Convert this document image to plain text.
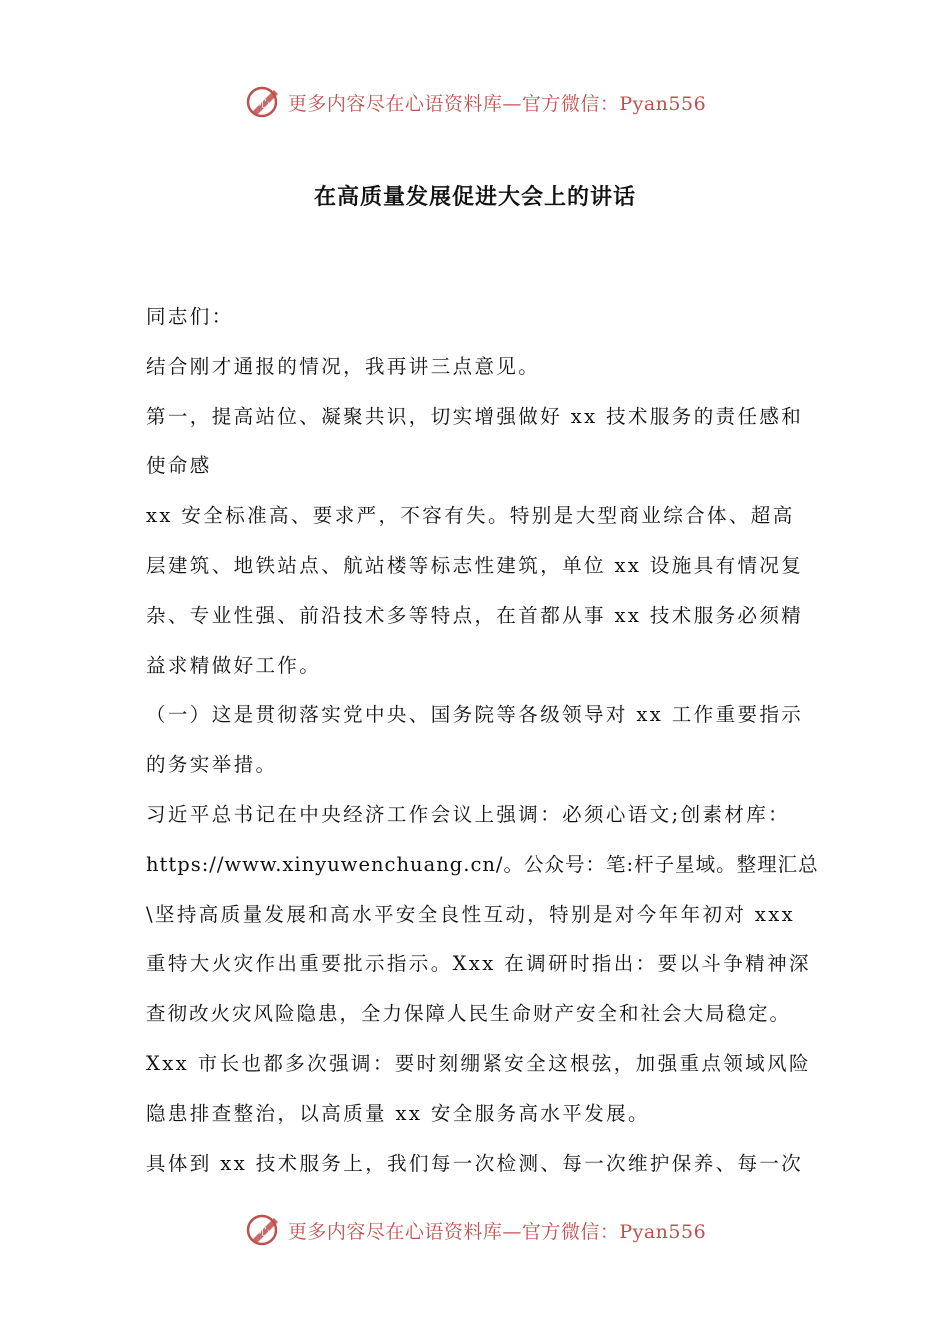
心 更多内容尽在心语资料库—官方微信：Pyan556
在高质量发展促进大会上的讲话
同志们：
结合刚才通报的情况，我再讲三点意见。
第一，提高站位、凝聚共识，切实增强做好 xx 技术服务的责任感和
使命感
xx 安全标准高、要求严，不容有失。特别是大型商业综合体、超高
层建筑、地铁站点、航站楼等标志性建筑，单位 xx 设施具有情况复
杂、专业性强、前沿技术多等特点，在首都从事 xx 技术服务必须精
益求精做好工作。
（一）这是贯彻落实党中央、国务院等各级领导对 xx 工作重要指示
的务实举措。
习近平总书记在中央经济工作会议上强调：必须心语文;创素材库：
https://www.xinyuwenchuang.cn/。公众号：笔:杆子星域。整理汇总
\坚持高质量发展和高水平安全良性互动，特别是对今年年初对 xxx
重特大火灾作出重要批示指示。Xxx 在调研时指出：要以斗争精神深
查彻改火灾风险隐患，全力保障人民生命财产安全和社会大局稳定。
Xxx 市长也都多次强调：要时刻绷紧安全这根弦，加强重点领域风险
隐患排查整治，以高质量 xx 安全服务高水平发展。
具体到 xx 技术服务上，我们每一次检测、每一次维护保养、每一次
心 更多内容尽在心语资料库—官方微信：Pyan556
